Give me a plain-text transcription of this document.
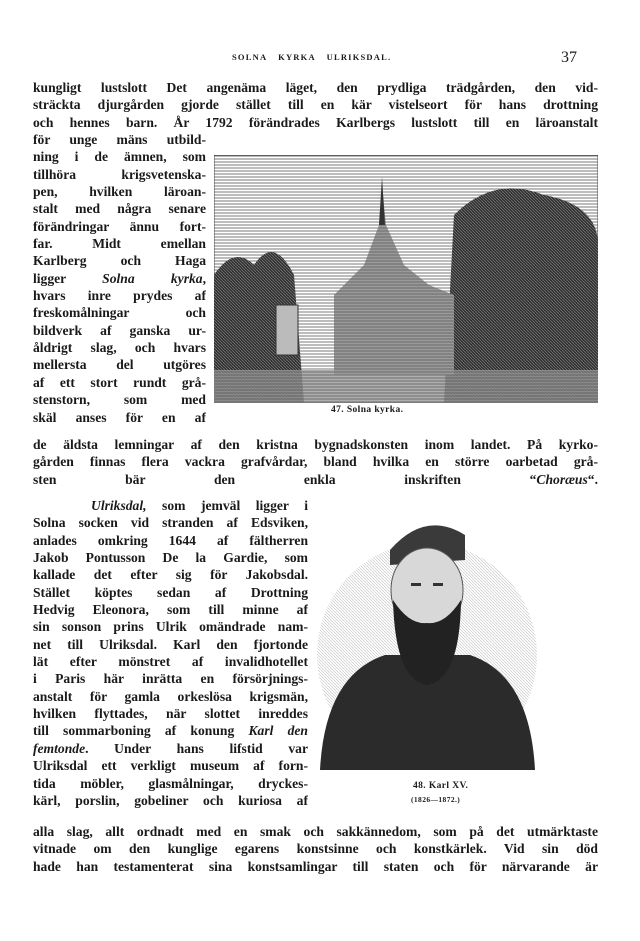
SOLNA KYRKA ULRIKSDAL.	37
kungligt lustslott Det angenäma läget, den prydliga trädgården, den vid-
sträckta djurgården gjorde stället till en kär vistelseort för hans drottning
och hennes barn. År 1792 förändrades Karlbergs lustslott till en läroanstalt
för unge mäns utbild-
ning i de ämnen, som
tillhöra krigsvetenska-
pen, hvilken läroan-
stalt med några senare
förändringar ännu fort-
far. Midt emellan
Karlberg och Haga
ligger Solna kyrka,
hvars inre prydes af
freskomålningar och
bildverk af ganska ur-
åldrigt slag, och hvars
mellersta del utgöres
af ett stort rundt grå-
stenstorn, som med
skäl anses för en af
de äldsta lemningar af den kristna bygnadskonsten inom landet. På kyrko-
gården finnas flera vackra grafvårdar, bland hvilka en större oarbetad grå-
sten bär den enkla inskriften “Choræus“.
Ulriksdal, som jemväl ligger i
Solna socken vid stranden af Edsviken,
anlades omkring 1644 af fältherren
Jakob Pontusson De la Gardie, som
kallade det efter sig för Jakobsdal.
Stället köptes sedan af Drottning
Hedvig Eleonora, som till minne af
sin sonson prins Ulrik omändrade nam-
net till Ulriksdal. Karl den fjortonde
lät efter mönstret af invalidhotellet
i Paris här inrätta en försörjnings-
anstalt för gamla orkeslösa krigsmän,
hvilken flyttades, när slottet inreddes
till sommarboning af konung Karl den
femtonde. Under hans lifstid var
Ulriksdal ett verkligt museum af forn-
tida möbler, glasmålningar, dryckes-
kärl, porslin, gobeliner och kuriosa af
alla slag, allt ordnadt med en smak och sakkännedom, som på det utmärktaste
vitnade om den kunglige egarens konstsinne och konstkärlek. Vid sin död
hade han testamenterat sina konstsamlingar till staten och för närvarande är
47. Solna kyrka.
48. Karl XV.
(1826—1872.)
